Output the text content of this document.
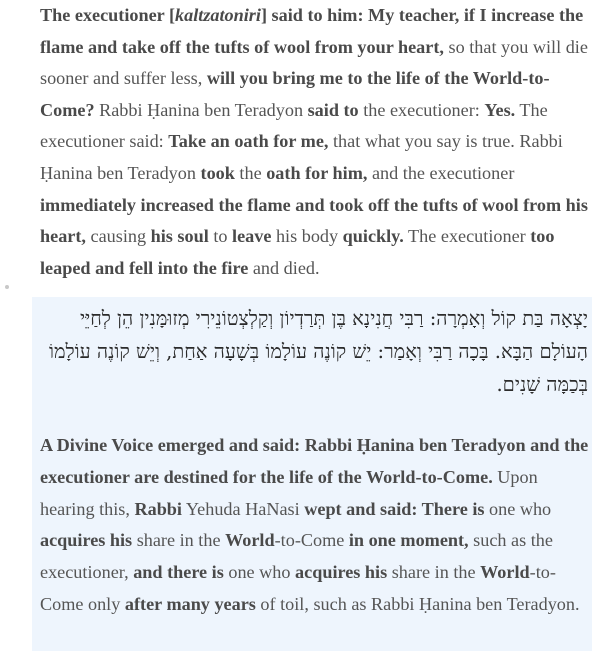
The executioner [kaltzatoniri] said to him: My teacher, if I increase the flame and take off the tufts of wool from your heart, so that you will die sooner and suffer less, will you bring me to the life of the World-to-Come? Rabbi Ḥanina ben Teradyon said to the executioner: Yes. The executioner said: Take an oath for me, that what you say is true. Rabbi Ḥanina ben Teradyon took the oath for him, and the executioner immediately increased the flame and took off the tufts of wool from his heart, causing his soul to leave his body quickly. The executioner too leaped and fell into the fire and died.

יָצְאָה בַּת קוֹל וְאָמְרָה: רַבִּי חֲנִינָא בֶּן תְּרַדְיוֹן וְקַלְצְטוֹנֵירִי מְזוּמָּנִין הֵן לְחַיֵּי הָעוֹלָם הַבָּא. בָּכָה רַבִּי וְאָמַר: יֵשׁ קוֹנֶה עוֹלָמוֹ בְּשָׁעָה אַחַת, וְיֵשׁ קוֹנֶה עוֹלָמוֹ בְּכַמָּה שָׁנִים.

A Divine Voice emerged and said: Rabbi Ḥanina ben Teradyon and the executioner are destined for the life of the World-to-Come. Upon hearing this, Rabbi Yehuda HaNasi wept and said: There is one who acquires his share in the World-to-Come in one moment, such as the executioner, and there is one who acquires his share in the World-to-Come only after many years of toil, such as Rabbi Ḥanina ben Teradyon.
